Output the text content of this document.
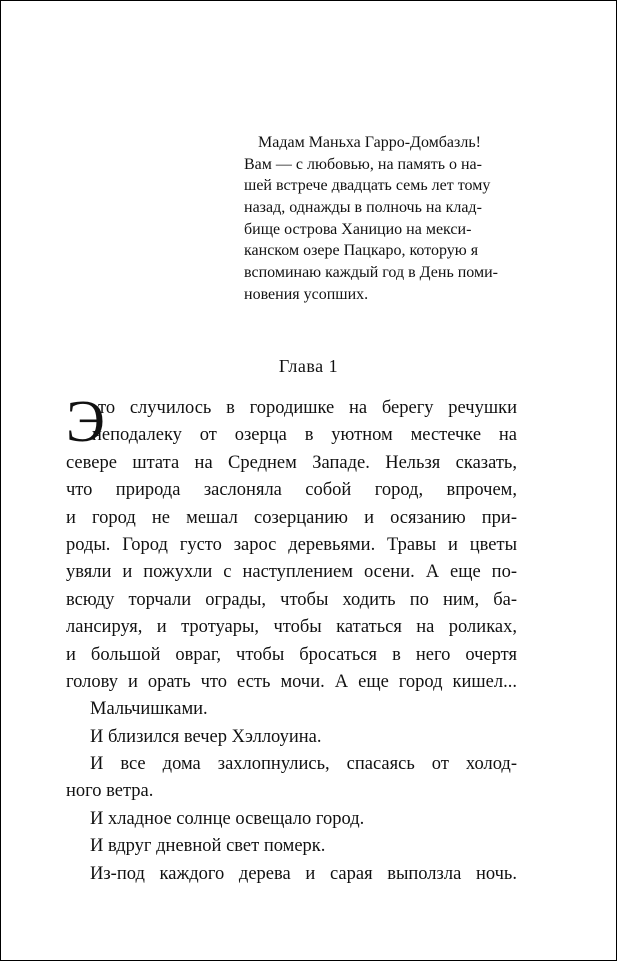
Мадам Маньха Гарро-Домбазль!
Вам — с любовью, на память о на-
шей встрече двадцать семь лет тому
назад, однажды в полночь на клад-
бище острова Ханицио на мекси-
канском озере Пацкаро, которую я
вспоминаю каждый год в День поми-
новения усопших.
Глава 1
Э
то случилось в городишке на берегу речушки
неподалеку от озерца в уютном местечке на
севере штата на Среднем Западе. Нельзя сказать,
что природа заслоняла собой город, впрочем,
и город не мешал созерцанию и осязанию при-
роды. Город густо зарос деревьями. Травы и цветы
увяли и пожухли с наступлением осени. А еще по-
всюду торчали ограды, чтобы ходить по ним, ба-
лансируя, и тротуары, чтобы кататься на роликах,
и большой овраг, чтобы бросаться в него очертя
голову и орать что есть мочи. А еще город кишел...
Мальчишками.
И близился вечер Хэллоуина.
И все дома захлопнулись, спасаясь от холод-
ного ветра.
И хладное солнце освещало город.
И вдруг дневной свет померк.
Из-под каждого дерева и сарая выползла ночь.
